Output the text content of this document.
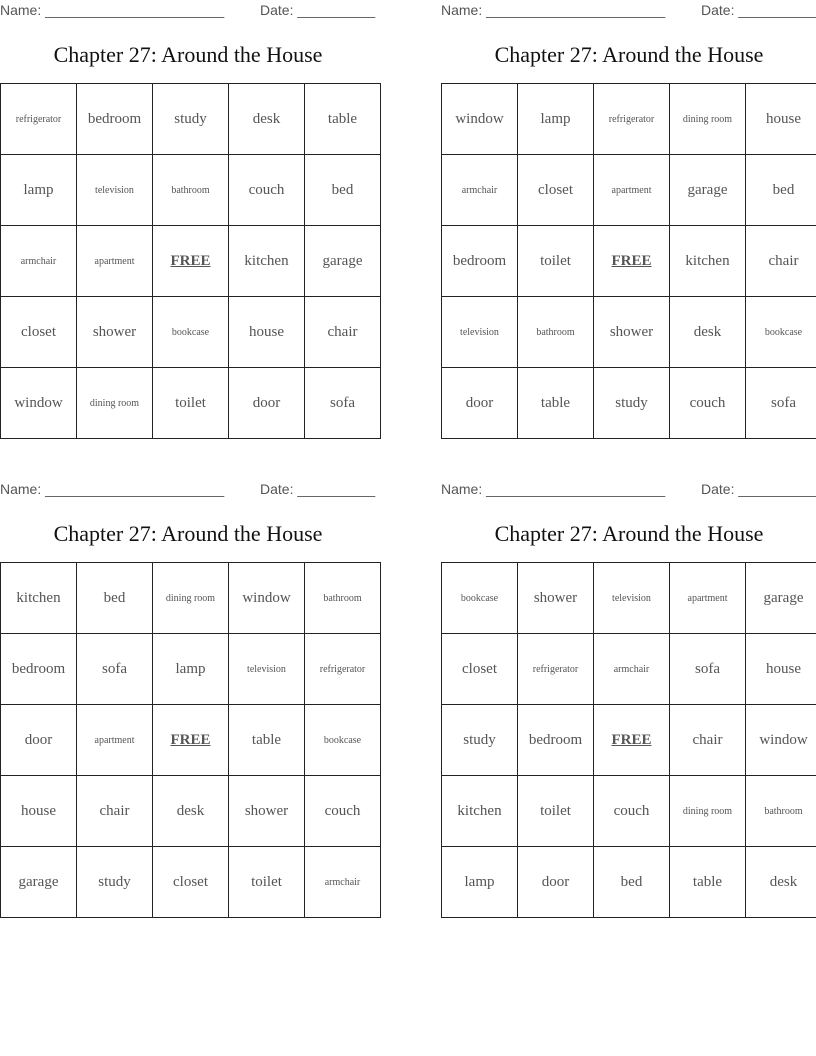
Name: _______________________	Date: __________
Chapter 27: Around the House
refrigerator	bedroom	study	desk	table
lamp	television	bathroom	couch	bed
armchair	apartment	FREE	kitchen	garage
closet	shower	bookcase	house	chair
window	dining room	toilet	door	sofa
Name: _______________________	Date: __________
Chapter 27: Around the House
window	lamp	refrigerator	dining room	house
armchair	closet	apartment	garage	bed
bedroom	toilet	FREE	kitchen	chair
television	bathroom	shower	desk	bookcase
door	table	study	couch	sofa
Name: _______________________	Date: __________
Chapter 27: Around the House
kitchen	bed	dining room	window	bathroom
bedroom	sofa	lamp	television	refrigerator
door	apartment	FREE	table	bookcase
house	chair	desk	shower	couch
garage	study	closet	toilet	armchair
Name: _______________________	Date: __________
Chapter 27: Around the House
bookcase	shower	television	apartment	garage
closet	refrigerator	armchair	sofa	house
study	bedroom	FREE	chair	window
kitchen	toilet	couch	dining room	bathroom
lamp	door	bed	table	desk
